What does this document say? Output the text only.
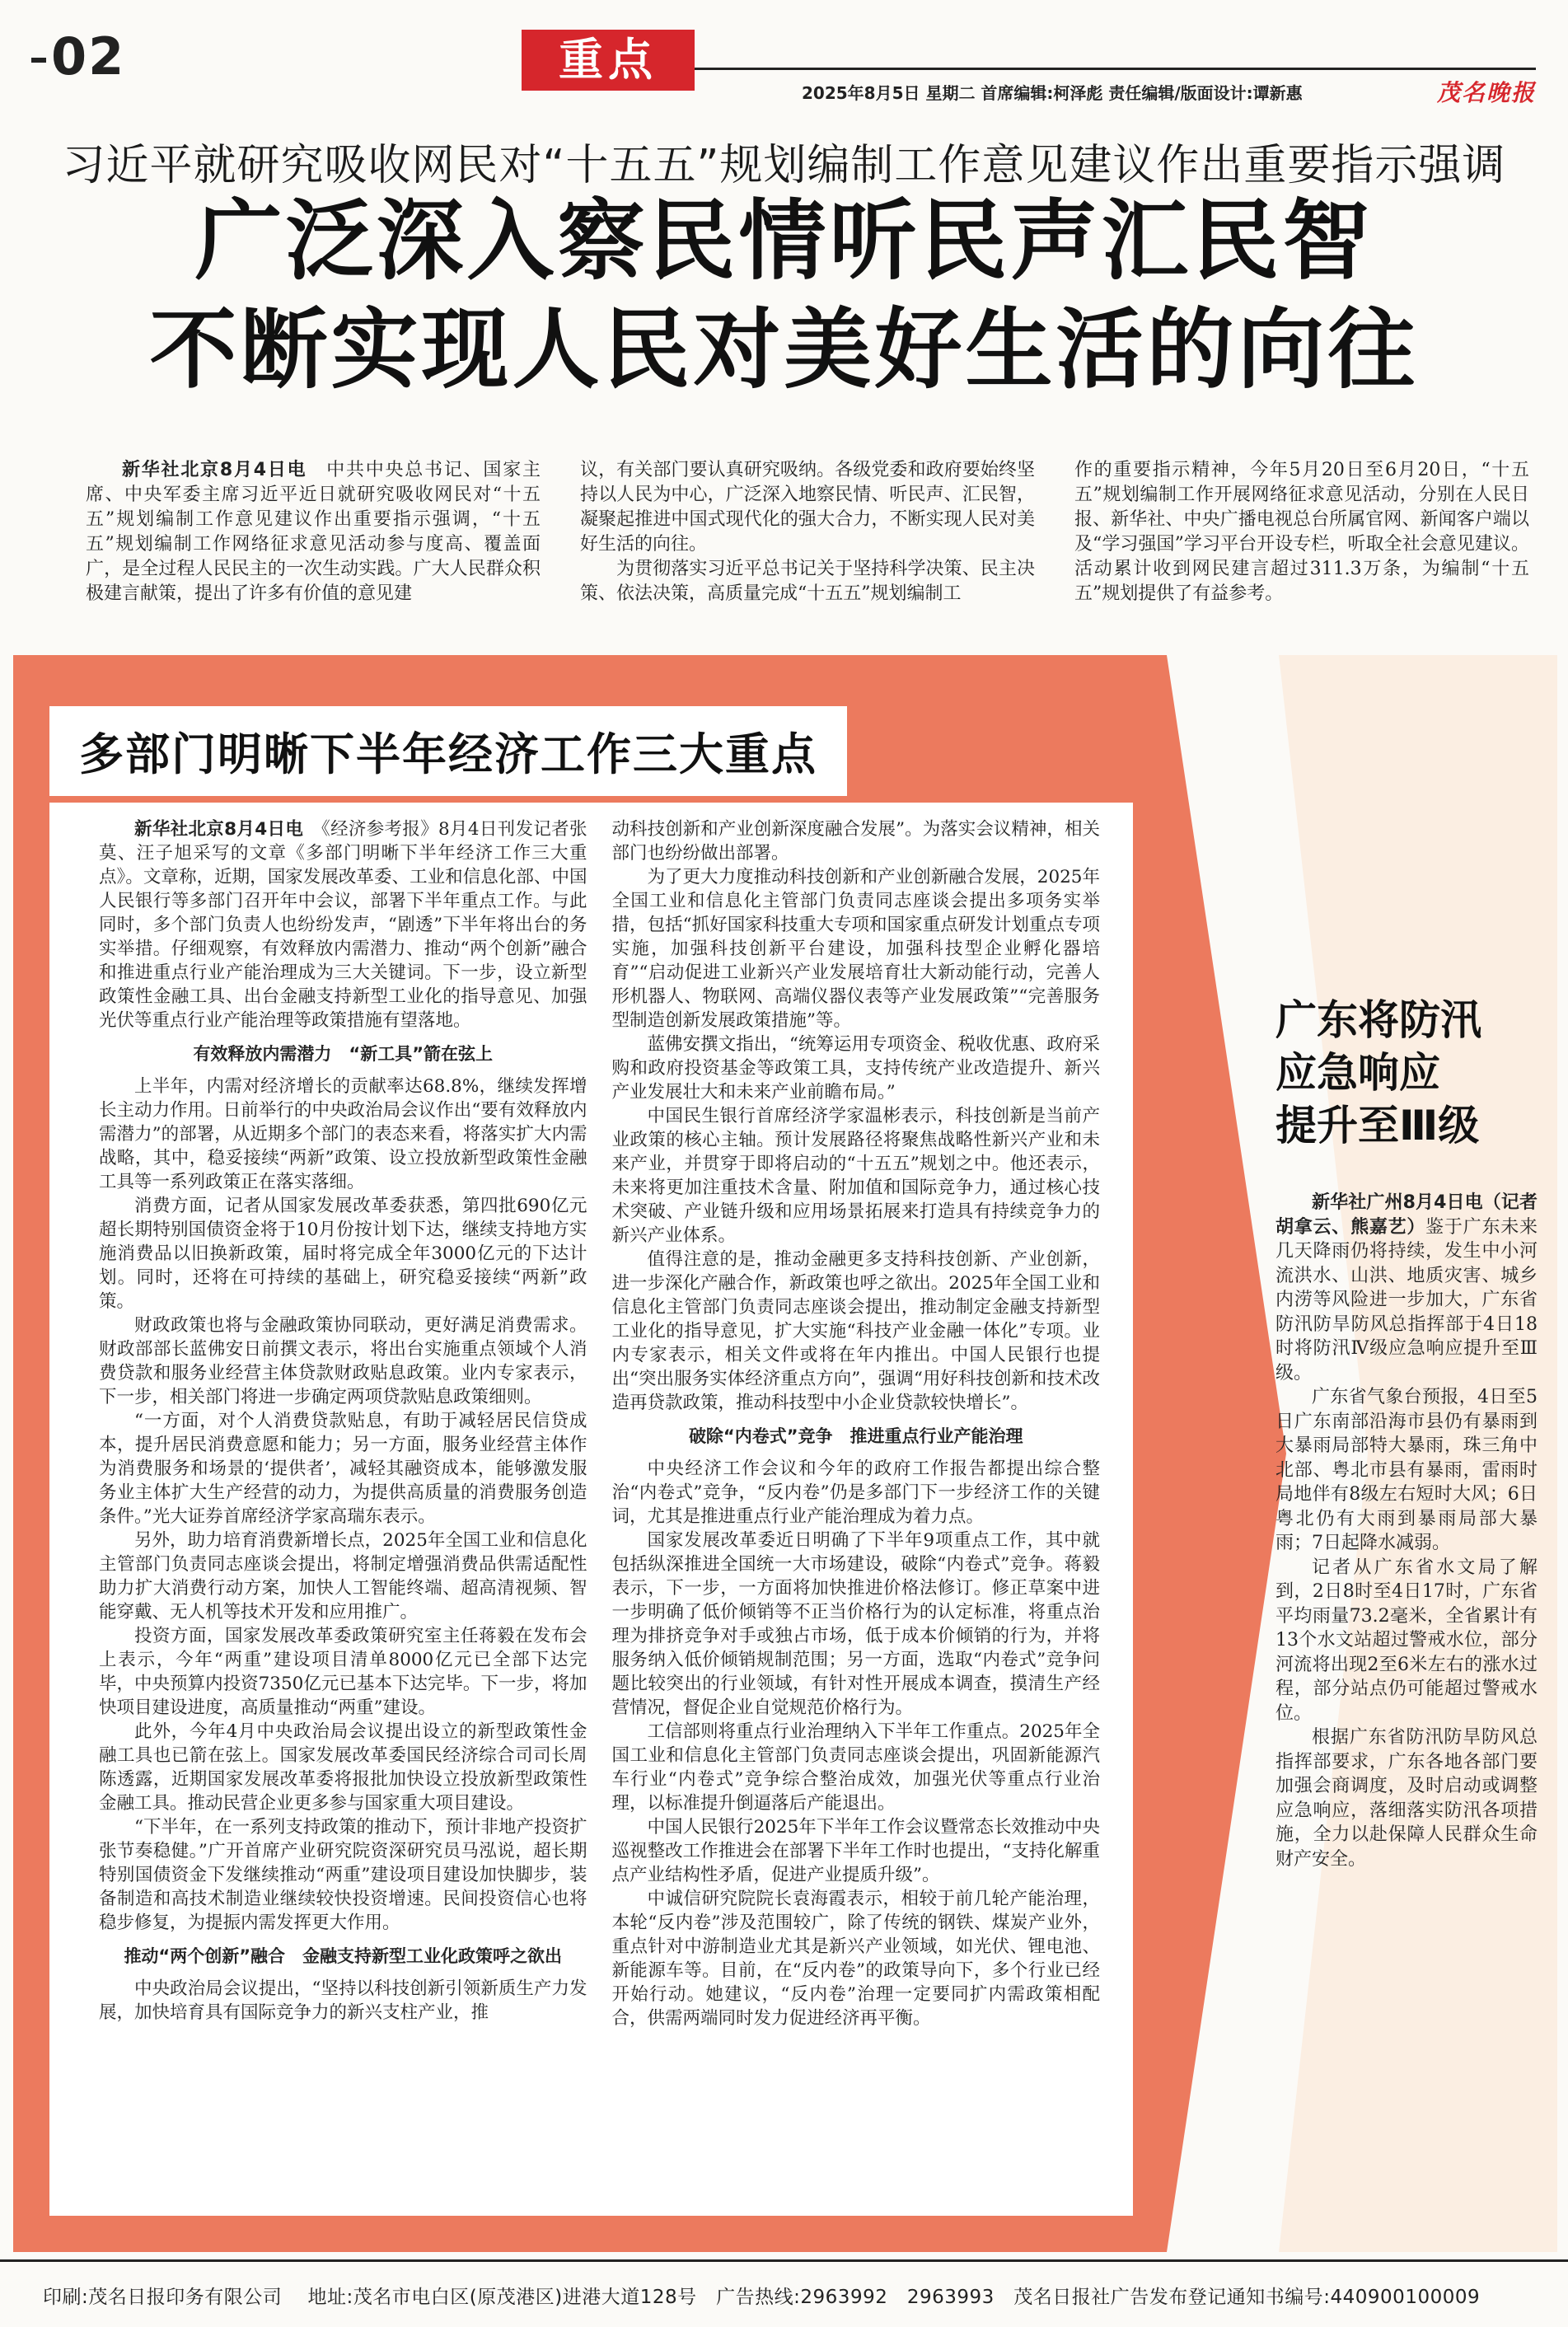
02	重点
2025年8月5日 星期二 首席编辑:柯泽彪 责任编辑/版面设计:谭新惠	茂名晚报
习近平就研究吸收网民对“十五五”规划编制工作意见建议作出重要指示强调
广泛深入察民情听民声汇民智
不断实现人民对美好生活的向往

新华社北京8月4日电　 中共中央总书记、国家主席、中央军委主席习近平近日就研究吸收网民对“十五五”规划编制工作意见建议作出重要指示强调，“十五五”规划编制工作网络征求意见活动参与度高、覆盖面广，是全过程人民民主的一次生动实践。广大人民群众积极建言献策，提出了许多有价值的意见建

议，有关部门要认真研究吸纳。各级党委和政府要始终坚持以人民为中心，广泛深入地察民情、听民声、汇民智，凝聚起推进中国式现代化的强大合力，不断实现人民对美好生活的向往。

为贯彻落实习近平总书记关于坚持科学决策、民主决策、依法决策，高质量完成“十五五”规划编制工

作的重要指示精神，今年5月20日至6月20日，“十五五”规划编制工作开展网络征求意见活动，分别在人民日报、新华社、中央广播电视总台所属官网、新闻客户端以及“学习强国”学习平台开设专栏，听取全社会意见建议。活动累计收到网民建言超过311.3万条，为编制“十五五”规划提供了有益参考。

多部门明晰下半年经济工作三大重点

新华社北京8月4日电　 《经济参考报》8月4日刊发记者张莫、汪子旭采写的文章《多部门明晰下半年经济工作三大重点》。文章称，近期，国家发展改革委、工业和信息化部、中国人民银行等多部门召开年中会议，部署下半年重点工作。与此同时，多个部门负责人也纷纷发声，“剧透”下半年将出台的务实举措。仔细观察，有效释放内需潜力、推动“两个创新”融合和推进重点行业产能治理成为三大关键词。下一步，设立新型政策性金融工具、出台金融支持新型工业化的指导意见、加强光伏等重点行业产能治理等政策措施有望落地。

有效释放内需潜力　“新工具”箭在弦上

上半年，内需对经济增长的贡献率达68.8%，继续发挥增长主动力作用。日前举行的中央政治局会议作出“要有效释放内需潜力”的部署，从近期多个部门的表态来看，将落实扩大内需战略，其中，稳妥接续“两新”政策、设立投放新型政策性金融工具等一系列政策正在落实落细。

消费方面，记者从国家发展改革委获悉，第四批690亿元超长期特别国债资金将于10月份按计划下达，继续支持地方实施消费品以旧换新政策，届时将完成全年3000亿元的下达计划。同时，还将在可持续的基础上，研究稳妥接续“两新”政策。

财政政策也将与金融政策协同联动，更好满足消费需求。财政部部长蓝佛安日前撰文表示，将出台实施重点领域个人消费贷款和服务业经营主体贷款财政贴息政策。业内专家表示，下一步，相关部门将进一步确定两项贷款贴息政策细则。

“一方面，对个人消费贷款贴息，有助于减轻居民信贷成本，提升居民消费意愿和能力；另一方面，服务业经营主体作为消费服务和场景的‘提供者’，减轻其融资成本，能够激发服务业主体扩大生产经营的动力，为提供高质量的消费服务创造条件。”光大证券首席经济学家高瑞东表示。

另外，助力培育消费新增长点，2025年全国工业和信息化主管部门负责同志座谈会提出，将制定增强消费品供需适配性助力扩大消费行动方案，加快人工智能终端、超高清视频、智能穿戴、无人机等技术开发和应用推广。

投资方面，国家发展改革委政策研究室主任蒋毅在发布会上表示，今年“两重”建设项目清单8000亿元已全部下达完毕，中央预算内投资7350亿元已基本下达完毕。下一步，将加快项目建设进度，高质量推动“两重”建设。

此外，今年4月中央政治局会议提出设立的新型政策性金融工具也已箭在弦上。国家发展改革委国民经济综合司司长周陈透露，近期国家发展改革委将报批加快设立投放新型政策性金融工具。推动民营企业更多参与国家重大项目建设。

“下半年，在一系列支持政策的推动下，预计非地产投资扩张节奏稳健。”广开首席产业研究院资深研究员马泓说，超长期特别国债资金下发继续推动“两重”建设项目建设加快脚步，装备制造和高技术制造业继续较快投资增速。民间投资信心也将稳步修复，为提振内需发挥更大作用。

推动“两个创新”融合　金融支持新型工业化政策呼之欲出

中央政治局会议提出，“坚持以科技创新引领新质生产力发展，加快培育具有国际竞争力的新兴支柱产业，推

动科技创新和产业创新深度融合发展”。为落实会议精神，相关部门也纷纷做出部署。

为了更大力度推动科技创新和产业创新融合发展，2025年全国工业和信息化主管部门负责同志座谈会提出多项务实举措，包括“抓好国家科技重大专项和国家重点研发计划重点专项实施，加强科技创新平台建设，加强科技型企业孵化器培育”“启动促进工业新兴产业发展培育壮大新动能行动，完善人形机器人、物联网、高端仪器仪表等产业发展政策”“完善服务型制造创新发展政策措施”等。

蓝佛安撰文指出，“统筹运用专项资金、税收优惠、政府采购和政府投资基金等政策工具，支持传统产业改造提升、新兴产业发展壮大和未来产业前瞻布局。”

中国民生银行首席经济学家温彬表示，科技创新是当前产业政策的核心主轴。预计发展路径将聚焦战略性新兴产业和未来产业，并贯穿于即将启动的“十五五”规划之中。他还表示，未来将更加注重技术含量、附加值和国际竞争力，通过核心技术突破、产业链升级和应用场景拓展来打造具有持续竞争力的新兴产业体系。

值得注意的是，推动金融更多支持科技创新、产业创新，进一步深化产融合作，新政策也呼之欲出。2025年全国工业和信息化主管部门负责同志座谈会提出，推动制定金融支持新型工业化的指导意见，扩大实施“科技产业金融一体化”专项。业内专家表示，相关文件或将在年内推出。中国人民银行也提出“突出服务实体经济重点方向”，强调“用好科技创新和技术改造再贷款政策，推动科技型中小企业贷款较快增长”。

破除“内卷式”竞争　推进重点行业产能治理

中央经济工作会议和今年的政府工作报告都提出综合整治“内卷式”竞争，“反内卷”仍是多部门下一步经济工作的关键词，尤其是推进重点行业产能治理成为着力点。

国家发展改革委近日明确了下半年9项重点工作，其中就包括纵深推进全国统一大市场建设，破除“内卷式”竞争。蒋毅表示，下一步，一方面将加快推进价格法修订。修正草案中进一步明确了低价倾销等不正当价格行为的认定标准，将重点治理为排挤竞争对手或独占市场，低于成本价倾销的行为，并将服务纳入低价倾销规制范围；另一方面，选取“内卷式”竞争问题比较突出的行业领域，有针对性开展成本调查，摸清生产经营情况，督促企业自觉规范价格行为。

工信部则将重点行业治理纳入下半年工作重点。2025年全国工业和信息化主管部门负责同志座谈会提出，巩固新能源汽车行业“内卷式”竞争综合整治成效，加强光伏等重点行业治理，以标准提升倒逼落后产能退出。

中国人民银行2025年下半年工作会议暨常态长效推动中央巡视整改工作推进会在部署下半年工作时也提出，“支持化解重点产业结构性矛盾，促进产业提质升级”。

中诚信研究院院长袁海霞表示，相较于前几轮产能治理，本轮“反内卷”涉及范围较广，除了传统的钢铁、煤炭产业外，重点针对中游制造业尤其是新兴产业领域，如光伏、锂电池、新能源车等。目前，在“反内卷”的政策导向下，多个行业已经开始行动。她建议，“反内卷”治理一定要同扩内需政策相配合，供需两端同时发力促进经济再平衡。

广东将防汛
应急响应
提升至Ⅲ级

新华社广州8月4日电（记者胡拿云、熊嘉艺）鉴于广东未来几天降雨仍将持续，发生中小河流洪水、山洪、地质灾害、城乡内涝等风险进一步加大，广东省防汛防旱防风总指挥部于4日18时将防汛Ⅳ级应急响应提升至Ⅲ级。

广东省气象台预报，4日至5日广东南部沿海市县仍有暴雨到大暴雨局部特大暴雨，珠三角中北部、粤北市县有暴雨，雷雨时局地伴有8级左右短时大风；6日粤北仍有大雨到暴雨局部大暴雨；7日起降水减弱。

记者从广东省水文局了解到，2日8时至4日17时，广东省平均雨量73.2毫米，全省累计有13个水文站超过警戒水位，部分河流将出现2至6米左右的涨水过程，部分站点仍可能超过警戒水位。

根据广东省防汛防旱防风总指挥部要求，广东各地各部门要加强会商调度，及时启动或调整应急响应，落细落实防汛各项措施，全力以赴保障人民群众生命财产安全。

印刷:茂名日报印务有限公司　 地址:茂名市电白区(原茂港区)进港大道128号　广告热线:2963992　2963993　茂名日报社广告发布登记通知书编号:440900100009
